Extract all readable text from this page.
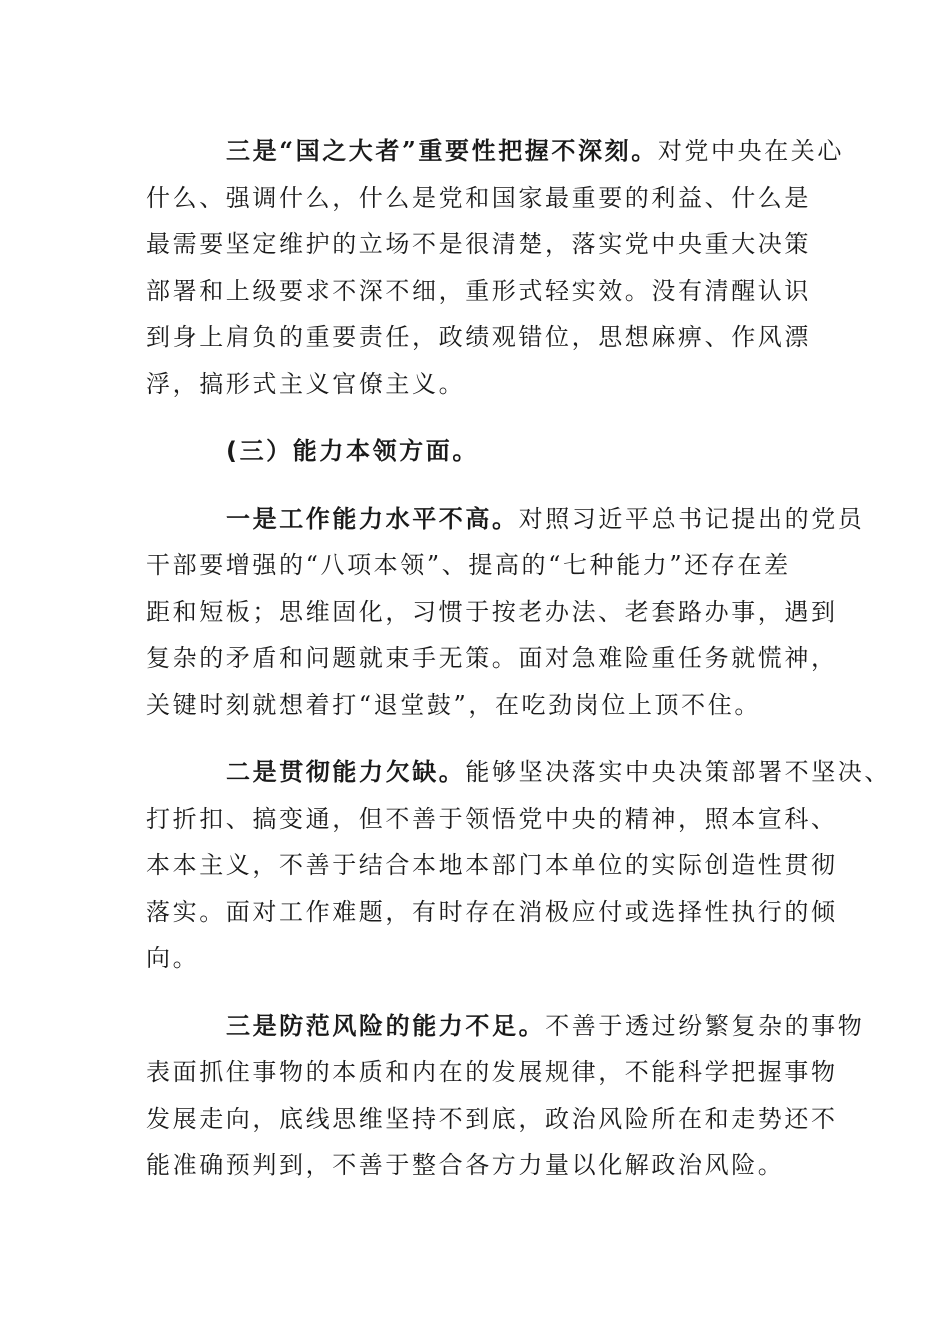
三是“国之大者”重要性把握不深刻。对党中央在关心
什么、强调什么，什么是党和国家最重要的利益、什么是
最需要坚定维护的立场不是很清楚，落实党中央重大决策
部署和上级要求不深不细，重形式轻实效。没有清醒认识
到身上肩负的重要责任，政绩观错位，思想麻痹、作风漂
浮，搞形式主义官僚主义。
(三）能力本领方面。
一是工作能力水平不高。对照习近平总书记提出的党员
干部要增强的“八项本领”、提高的“七种能力”还存在差
距和短板；思维固化，习惯于按老办法、老套路办事，遇到
复杂的矛盾和问题就束手无策。面对急难险重任务就慌神，
关键时刻就想着打“退堂鼓”，在吃劲岗位上顶不住。
二是贯彻能力欠缺。能够坚决落实中央决策部署不坚决、
打折扣、搞变通，但不善于领悟党中央的精神，照本宣科、
本本主义，不善于结合本地本部门本单位的实际创造性贯彻
落实。面对工作难题，有时存在消极应付或选择性执行的倾
向。
三是防范风险的能力不足。不善于透过纷繁复杂的事物
表面抓住事物的本质和内在的发展规律，不能科学把握事物
发展走向，底线思维坚持不到底，政治风险所在和走势还不
能准确预判到，不善于整合各方力量以化解政治风险。
